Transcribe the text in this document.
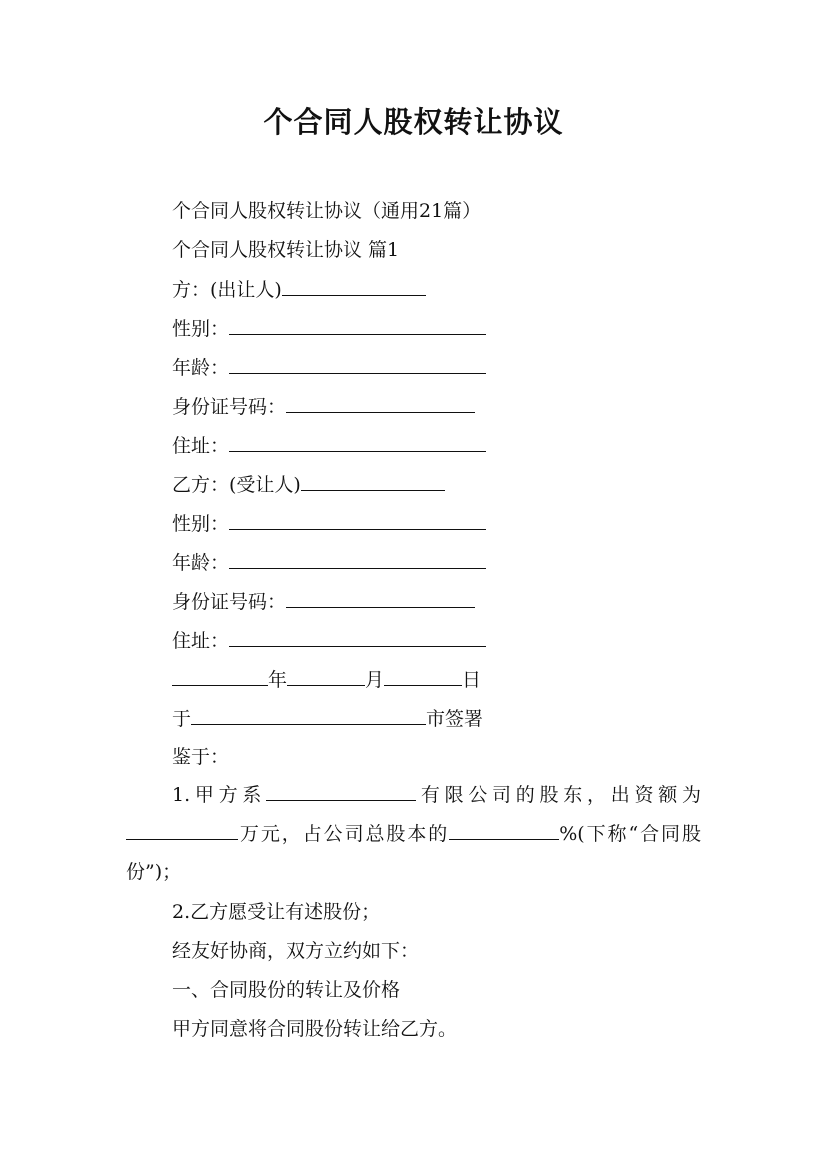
个合同人股权转让协议
个合同人股权转让协议（通用21篇）
个合同人股权转让协议 篇1
方：(出让人)
性别：
年龄：
身份证号码：
住址：
乙方：(受让人)
性别：
年龄：
身份证号码：
住址：
年	月	日
于	市签署
鉴于：
1.甲方系	有限公司的股东，出资额为万元，占公司总股本的	%(下称“合同股份”)；
2.乙方愿受让有述股份；
经友好协商，双方立约如下：
一、合同股份的转让及价格
甲方同意将合同股份转让给乙方。
